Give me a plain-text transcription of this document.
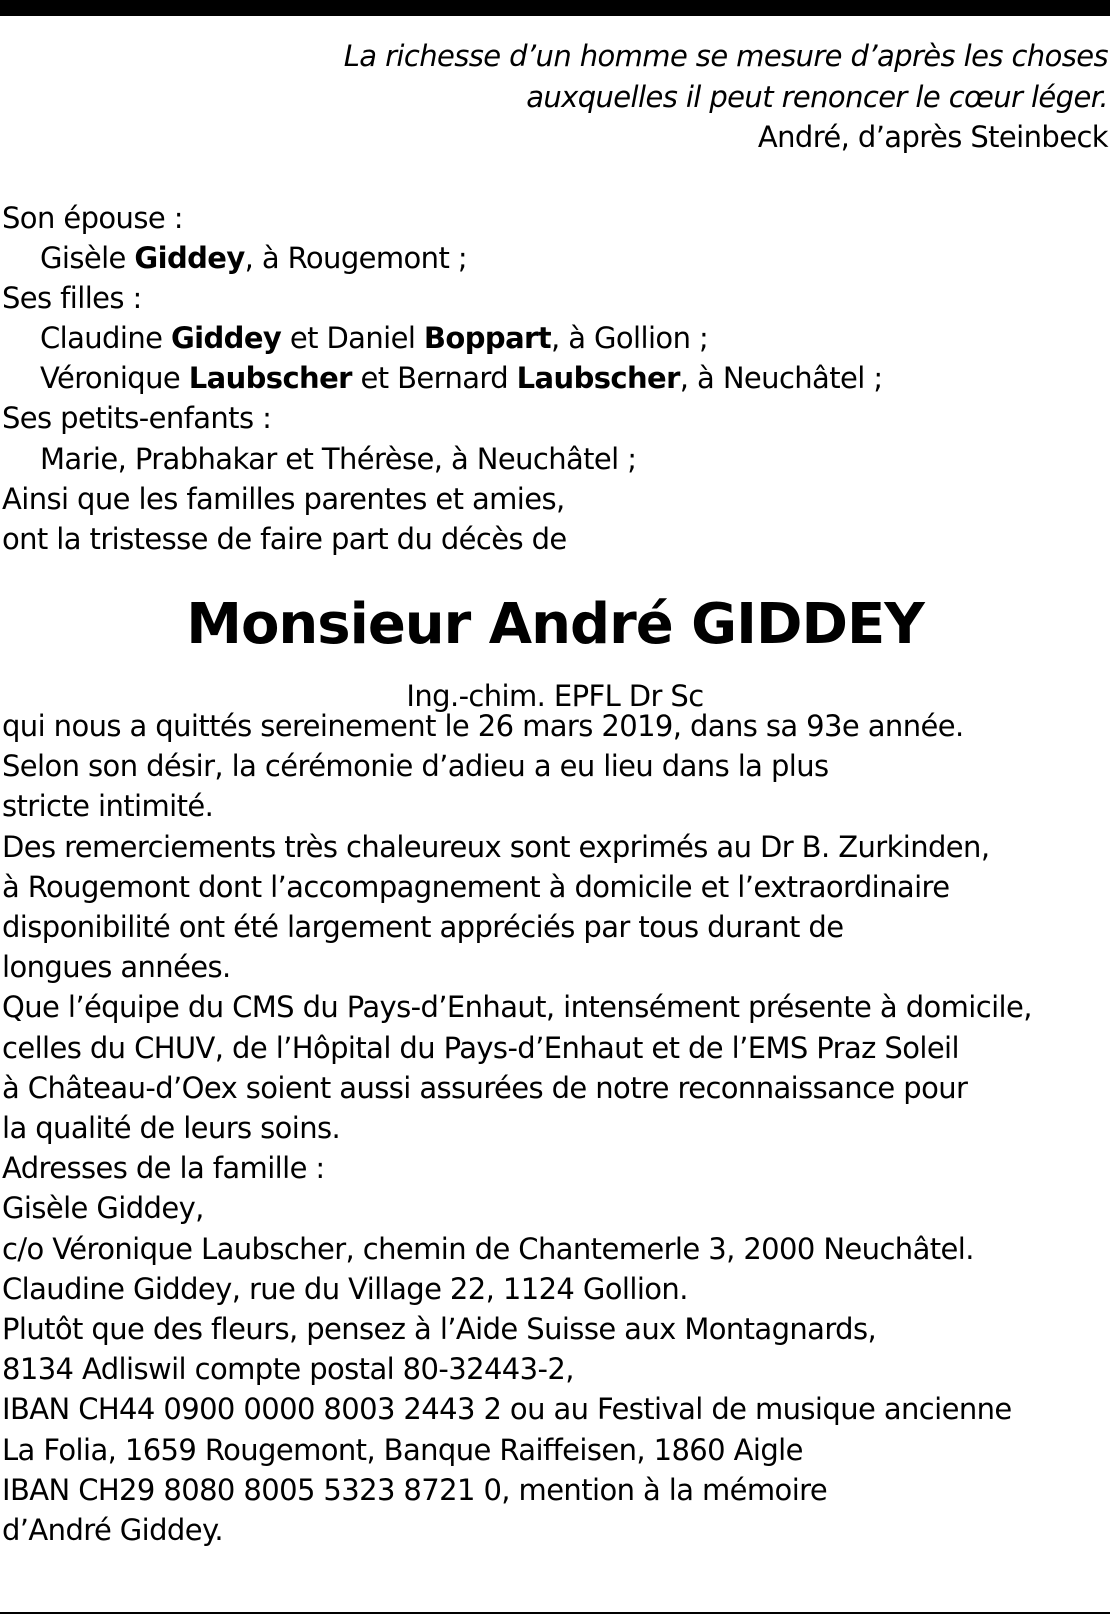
La richesse d’un homme se mesure d’après les choses
auxquelles il peut renoncer le cœur léger.
André, d’après Steinbeck
Son épouse :
Gisèle Giddey, à Rougemont ;
Ses filles :
Claudine Giddey et Daniel Boppart, à Gollion ;
Véronique Laubscher et Bernard Laubscher, à Neuchâtel ;
Ses petits-enfants :
Marie, Prabhakar et Thérèse, à Neuchâtel ;
Ainsi que les familles parentes et amies,
ont la tristesse de faire part du décès de
Monsieur André GIDDEY
Ing.-chim. EPFL Dr Sc
qui nous a quittés sereinement le 26 mars 2019, dans sa 93e année.
Selon son désir, la cérémonie d’adieu a eu lieu dans la plus
stricte intimité.
Des remerciements très chaleureux sont exprimés au Dr B. Zurkinden,
à Rougemont dont l’accompagnement à domicile et l’extraordinaire
disponibilité ont été largement appréciés par tous durant de
longues années.
Que l’équipe du CMS du Pays-d’Enhaut, intensément présente à domicile,
celles du CHUV, de l’Hôpital du Pays-d’Enhaut et de l’EMS Praz Soleil
à Château-d’Oex soient aussi assurées de notre reconnaissance pour
la qualité de leurs soins.
Adresses de la famille :
Gisèle Giddey,
c/o Véronique Laubscher, chemin de Chantemerle 3, 2000 Neuchâtel.
Claudine Giddey, rue du Village 22, 1124 Gollion.
Plutôt que des fleurs, pensez à l’Aide Suisse aux Montagnards,
8134 Adliswil compte postal 80-32443-2,
IBAN CH44 0900 0000 8003 2443 2 ou au Festival de musique ancienne
La Folia, 1659 Rougemont, Banque Raiffeisen, 1860 Aigle
IBAN CH29 8080 8005 5323 8721 0, mention à la mémoire
d’André Giddey.
